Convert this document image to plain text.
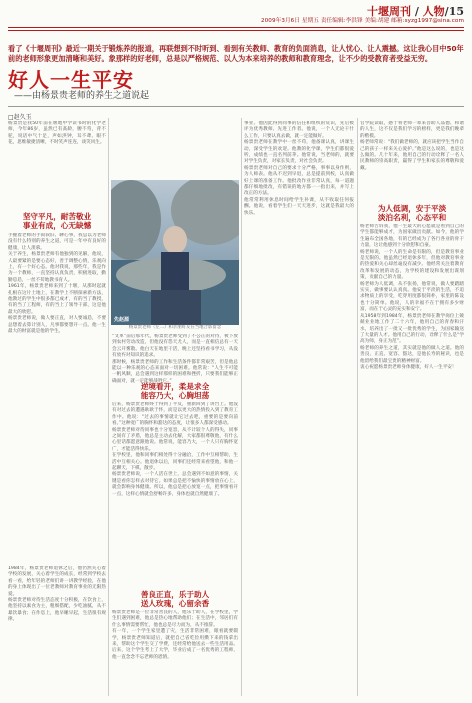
十堰周刊 / 人物/15
2009年3月6日 星期五 责任编辑:李洪锋 美编:胡建 邮箱:syzg1997@sina.com
看了《十堰周刊》最近一期关于锻炼养的报道，再联想到不时听到、看到有关教师、教育的负面消息，让人忧心、让人震撼。这让我心目中50年前的老师形象更加清晰和美好。象那样的好老师，总是以严格规范、以人为本来培养的教师和教育理念，让不少的受教育者受益无穷。
好人一生平安
——由杨景贵老师的养生之道说起
□赵久玉
杨景贵是我50年前在堰地中学读书时的化学老师，今年86岁，虽然已有髙龄，腰不弯，背不驼，说话中气十足，声如洪钟，耳不聋、眼不花，思维敏捷清晰，不时笑声连连，谈笑风生。
坚守平凡，耐苦敬业
事业有成，心无缺憾
手握着老师的手叙叙旧、聊心事，我总以为老师没有什么特别的养生之道，可是一年中有良好的健康，让人羡慕。
关于养生，杨景贵老师有他独到的见解，他说，人最要紧的是要心态好，善于调整心情，乐观向上，有一个好心态。他对我说，那些年，我是作为一个教师，一直坚持认真负责，积极进取，勤勤恳恳，一丝不苟地教书育人。
1961年，杨景贵老师来到了十堰，从那时起就扎根在这片土地上，在教学上不断探索新方法，他教过的学生中很多都已成才，有的当了教授，有的当了工程师，有的当上了领导干部，这是他最大的欣慰。
杨景贵老师说，做人要正直，对人要诚恳，不要总想着去算计别人，凡事都要想开一点。他一生最大的财富就是他的学生。
1984年，杨景贵老师退休之后，他仍然关心着学校的发展，关心着学生的成长，经常到学校去看一看，给年轻的老师们讲一讲教学经验，在他的身上体现出了一位老教师对教育事业的无限热爱。
杨景贵老师对待生活态度十分积极，在饮食上，他坚持以素食为主，粗细搭配，少吃油腻，从不暴饮暴食；在作息上，他早睡早起，生活很有规律。
杨景贵老师（左二）和亲朋好友在当地合影留念
先赵源
“文革”前后那年代，杨景贵老师受到了不公正的对待，被下放到农村劳动改造，但他没有怨天尤人，而是一直相信总有一天会云开雾散。他白天在地里干活，晚上还坚持看书学习，从没有放弃对知识的追求。
那时候，杨景贵老师的工作和生活条件都非常艰苦，但是他总能以一种乐观的心态来面对一切困难。他常说：“人生不可能一帆风顺，总会遇到这样那样的困难和挫折，只要我们能够正确面对，就一定能够战胜它。”
逆境看开，柔是求全
能容乃大，心胸坦荡
后来，杨景贵老师终于得到了平反，重新回到了讲台上。他没有对过去的遭遇耿耿于怀，而是以更大的热情投入到了教育工作中。他说：“过去的事情就让它过去吧，重要的是要向前看。”这种宽广的胸怀和豁达的态度，让很多人都深受感动。
杨景贵老师对待同事也十分宽容，从不计较个人的得失，同事之间有了矛盾，他总是主动去化解，大家都很尊敬他，有什么心里话都愿意跟他说。他常说，能容乃大，一个人只有胸怀宽广，才能活得快乐。
在学校里，他和同事们相处得十分融洽，工作中互相帮助，生活中互相关心。他退休以后，同事们还经常来看望他，和他一起聊天、下棋、散步。
杨景贵老师说，一个人活在世上，总会遇到不如意的事情，关键是看你怎样去对待它。如果总是把不愉快的事情放在心上，就会影响身体健康。所以，他总是把心放宽一点，把事情看开一点，这样心情就会舒畅许多，身体也就自然健康了。
善良正直，乐于助人
送人玫瑰，心留余香
杨景贵老师是一位非常善良的人，他乐于助人，在学校里，学生们遇到困难，他总是热心地帮助他们；在生活中，邻居们有什么事情需要帮忙，他也总是尽力而为，从不推辞。
有一年，一个学生家里遭了灾，生活非常困难，眼看就要辍学，杨景贵老师知道后，就把自己省吃俭用攒下来的钱拿出来，帮助这个学生交了学费，还经常给他送去一些生活用品。后来，这个学生考上了大学，毕业后成了一名优秀的工程师，他一直念念不忘老师的恩情。
事业。他因此得到同事的信任和组织的赏识，先后被评为优秀教师、先进工作者。他说，一个人无论干什么工作，只要认真去做，就一定能做好。
杨景贵老师在教学中一丝不苟，他备课认真，讲课生动，深受学生的欢迎。他教的化学课，学生们都很爱听，成绩也一直名列前茅。他常说，当老师的，就要对学生负责，对家长负责，对社会负责。
杨景贵老师对自己的要求十分严格，事事以身作则，为人师表。他从不迟到早退，总是提前到校，认真做好上课的准备工作。他批改作业非常认真，每一道题都仔细地批改，有错误的地方都一一指出来，并写上改正的方法。
他常常利用休息时间给学生补课，从不收取任何报酬。他说，看着学生们一天天进步，这就是我最大的快乐。
官学院读取，感于将老师一辈来菩助人品德、和谐的人生，这不仅是我们学习的榜样，更是我们晚辈的楷模。
杨老师常说：“我们做老师的，就应该把学生当作自己的孩子一样来关心爱护。”他是这么说的，也是这么做的。几十年来，他用自己的行动诠释了一名人民教师的崇高职责，赢得了学生和家长的尊敬和爱戴。
为人低调，安于平淡
淡泊名利，心态平和
杨老师告诉我，他一生最大的心愿就是看到自己的学生都能够成才，为国家做出贡献。如今，他的学生遍布全国各地，有的已经成为了各行各业的骨干力量，这让他感到十分欣慰和自豪。
杨老师说，一个人的生命是有限的，但是教育事业是无限的。他虽然已经退休多年，但他对教育事业的热爱和关心却丝毫没有减少。他经常关注着教育改革和发展的动态，为学校的建设和发展出谋划策，贡献自己的力量。
杨老师为人低调，从不张扬，他常说，做人要踏踏实实，做事要认认真真。他安于平淡的生活，不追求物质上的享受，吃穿用度都很简朴，家里的陈设也十分简单。他说，人的幸福不在于拥有多少财富，而在于心灵的充实和安宁。
从1958年到1984年，杨景贵老师在教学岗位上兢兢业业地工作了二十六年，他用自己的青春和汗水，培养出了一批又一批优秀的学生，为国家输送了大量的人才。他用自己的行动，诠释了什么是“学高为师，身正为范”。
杨老师的养生之道，其实就是他的做人之道。他的善良、正直、宽容、豁达，是他长寿的秘诀，也是他留给我们最宝贵的精神财富。
衷心祝愿杨景贵老师身体健康，好人一生平安！
